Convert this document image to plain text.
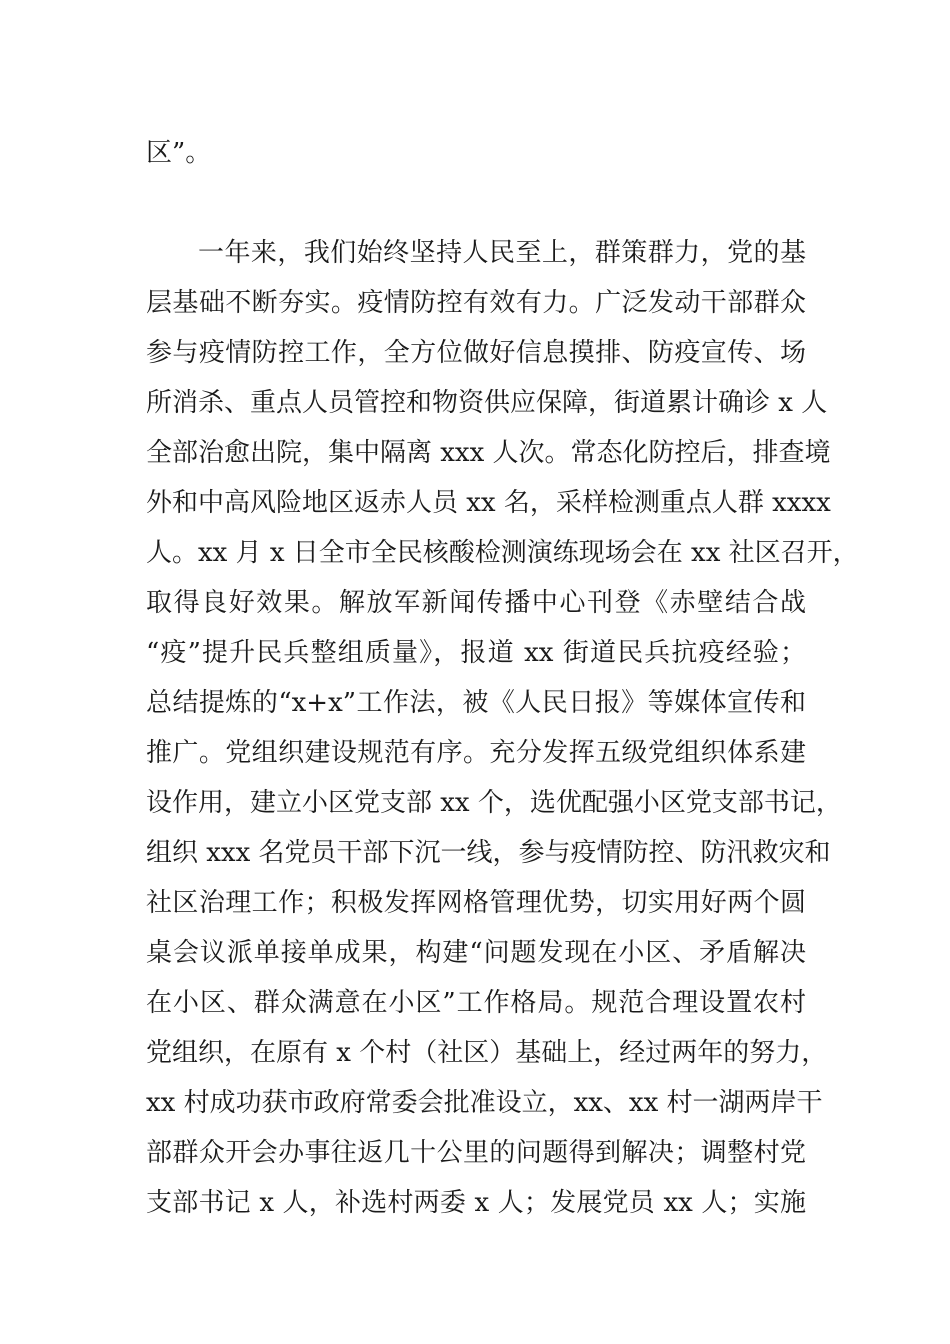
区”。
一年来，我们始终坚持人民至上，群策群力，党的基
层基础不断夯实。疫情防控有效有力。广泛发动干部群众
参与疫情防控工作，全方位做好信息摸排、防疫宣传、场
所消杀、重点人员管控和物资供应保障，街道累计确诊 x 人
全部治愈出院，集中隔离 xxx 人次。常态化防控后，排查境
外和中高风险地区返赤人员 xx 名，采样检测重点人群 xxxx
人。xx 月 x 日全市全民核酸检测演练现场会在 xx 社区召开，
取得良好效果。解放军新闻传播中心刊登《赤壁结合战
“疫”提升民兵整组质量》，报道 xx 街道民兵抗疫经验；
总结提炼的“x+x”工作法，被《人民日报》等媒体宣传和
推广。党组织建设规范有序。充分发挥五级党组织体系建
设作用，建立小区党支部 xx 个，选优配强小区党支部书记，
组织 xxx 名党员干部下沉一线，参与疫情防控、防汛救灾和
社区治理工作；积极发挥网格管理优势，切实用好两个圆
桌会议派单接单成果，构建“问题发现在小区、矛盾解决
在小区、群众满意在小区”工作格局。规范合理设置农村
党组织，在原有 x 个村（社区）基础上，经过两年的努力，
xx 村成功获市政府常委会批准设立，xx、xx 村一湖两岸干
部群众开会办事往返几十公里的问题得到解决；调整村党
支部书记 x 人，补选村两委 x 人；发展党员 xx 人；实施
